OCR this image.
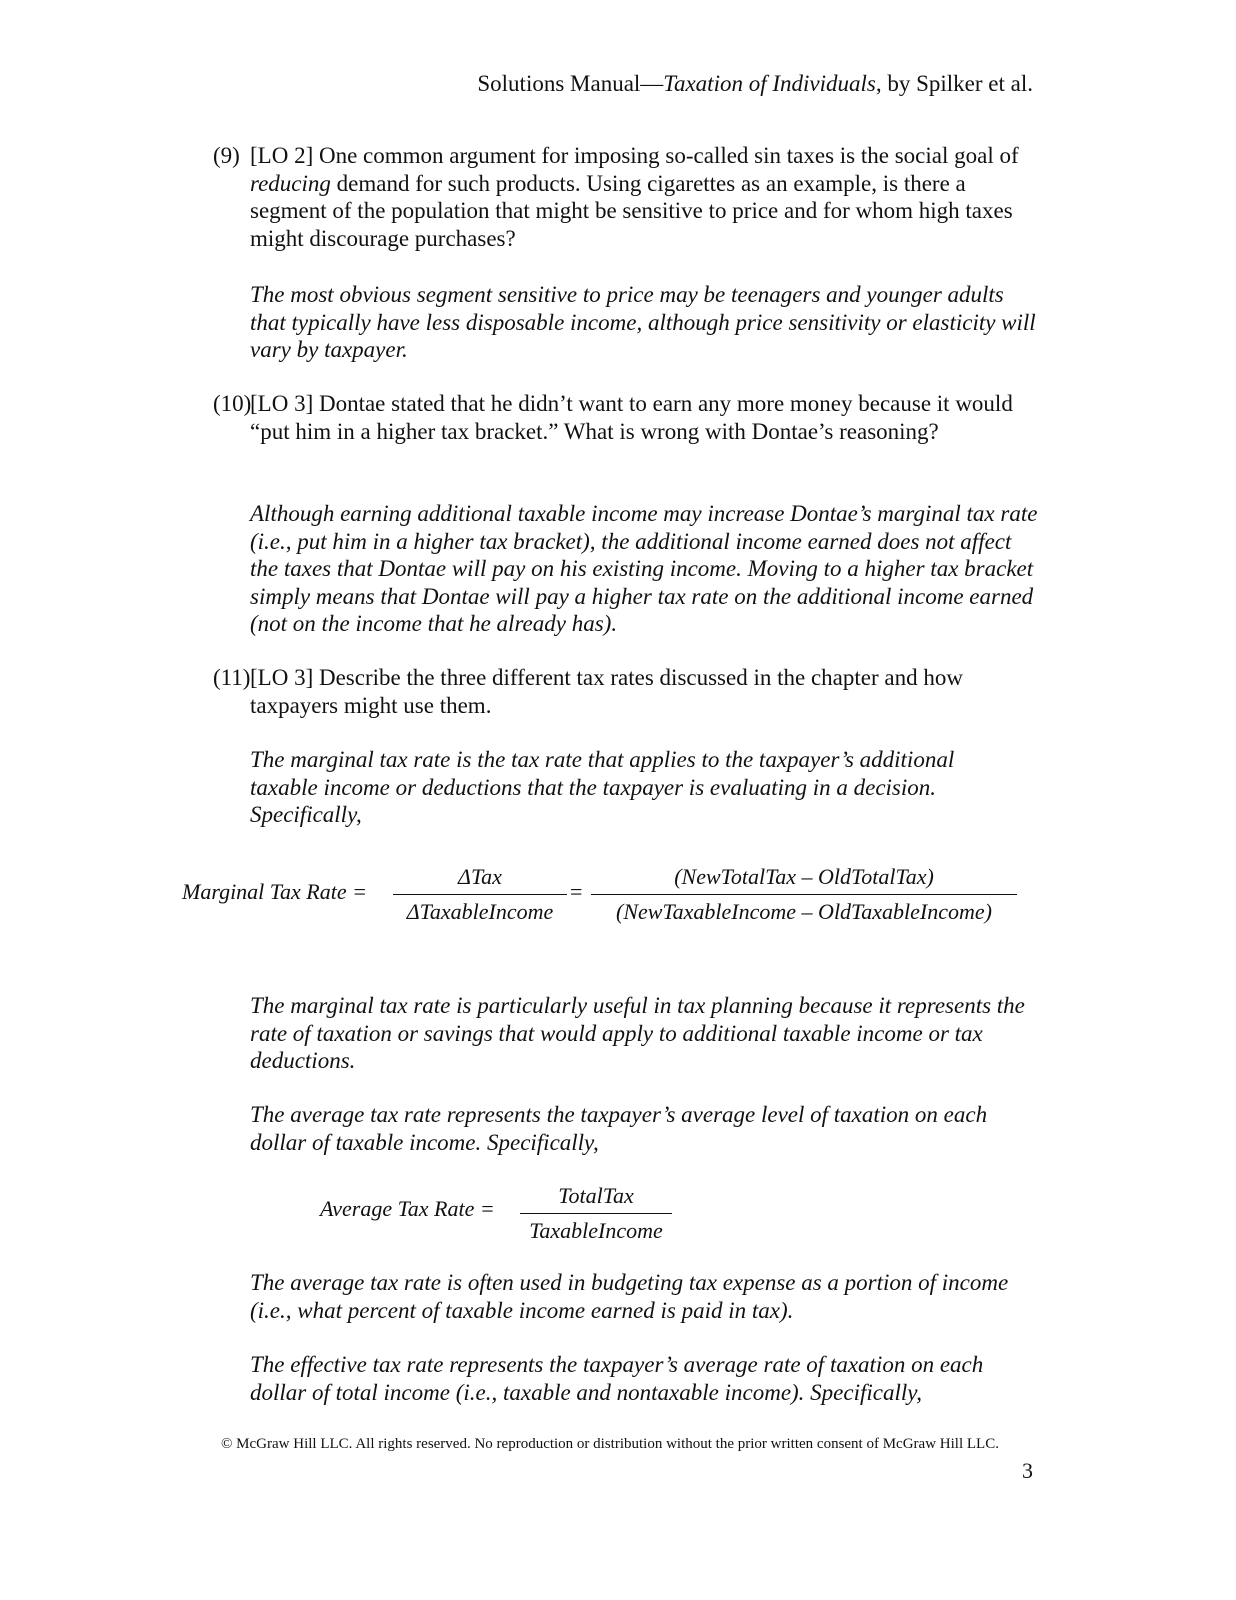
Solutions Manual—Taxation of Individuals, by Spilker et al.
(9) [LO 2] One common argument for imposing so-called sin taxes is the social goal of reducing demand for such products. Using cigarettes as an example, is there a segment of the population that might be sensitive to price and for whom high taxes might discourage purchases?
The most obvious segment sensitive to price may be teenagers and younger adults that typically have less disposable income, although price sensitivity or elasticity will vary by taxpayer.
(10)
[LO 3] Dontae stated that he didn’t want to earn any more money because it would “put him in a higher tax bracket.” What is wrong with Dontae’s reasoning?
Although earning additional taxable income may increase Dontae’s marginal tax rate (i.e., put him in a higher tax bracket), the additional income earned does not affect the taxes that Dontae will pay on his existing income. Moving to a higher tax bracket simply means that Dontae will pay a higher tax rate on the additional income earned (not on the income that he already has).
(11) [LO 3] Describe the three different tax rates discussed in the chapter and how taxpayers might use them.
The marginal tax rate is the tax rate that applies to the taxpayer’s additional taxable income or deductions that the taxpayer is evaluating in a decision. Specifically,
Marginal Tax Rate =
ΔTax
ΔTaxableIncome
=
(NewTotalTax – OldTotalTax)
(NewTaxableIncome – OldTaxableIncome)
The marginal tax rate is particularly useful in tax planning because it represents the rate of taxation or savings that would apply to additional taxable income or tax deductions.
The average tax rate represents the taxpayer’s average level of taxation on each dollar of taxable income. Specifically,
Average Tax Rate =
TotalTax
TaxableIncome
The average tax rate is often used in budgeting tax expense as a portion of income (i.e., what percent of taxable income earned is paid in tax).
The effective tax rate represents the taxpayer’s average rate of taxation on each dollar of total income (i.e., taxable and nontaxable income). Specifically,
© McGraw Hill LLC. All rights reserved. No reproduction or distribution without the prior written consent of McGraw Hill LLC.
3
